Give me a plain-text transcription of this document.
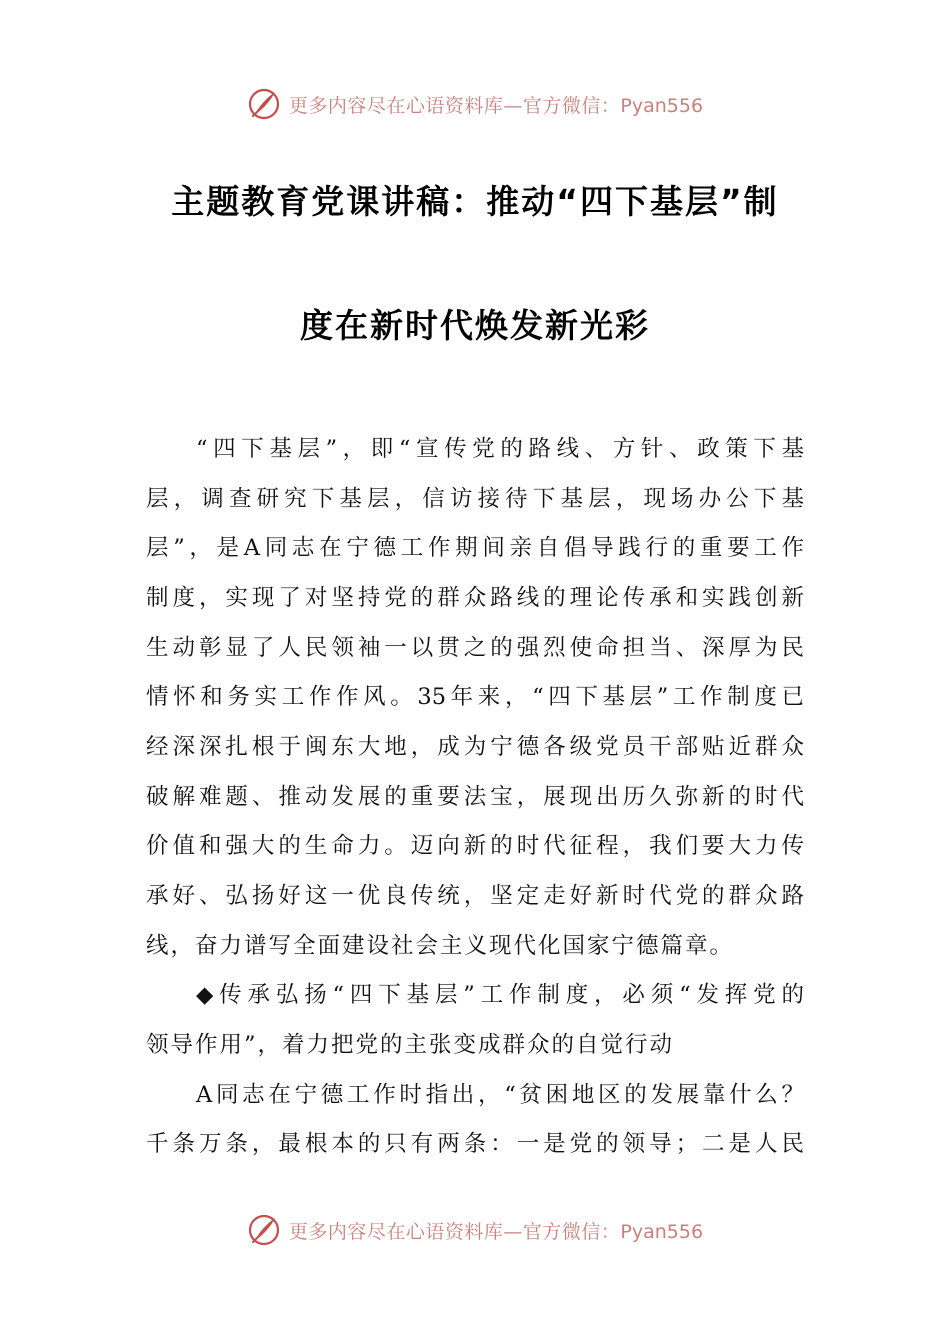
更多内容尽在心语资料库—官方微信：Pyan556
主题教育党课讲稿：推动“四下基层”制
度在新时代焕发新光彩
“四下基层”，即“宣传党的路线、方针、政策下基
层，调查研究下基层，信访接待下基层，现场办公下基
层”，是A同志在宁德工作期间亲自倡导践行的重要工作
制度，实现了对坚持党的群众路线的理论传承和实践创新
生动彰显了人民领袖一以贯之的强烈使命担当、深厚为民
情怀和务实工作作风。35年来，“四下基层”工作制度已
经深深扎根于闽东大地，成为宁德各级党员干部贴近群众
破解难题、推动发展的重要法宝，展现出历久弥新的时代
价值和强大的生命力。迈向新的时代征程，我们要大力传
承好、弘扬好这一优良传统，坚定走好新时代党的群众路
线，奋力谱写全面建设社会主义现代化国家宁德篇章。
◆传承弘扬“四下基层”工作制度，必须“发挥党的
领导作用”，着力把党的主张变成群众的自觉行动
A同志在宁德工作时指出，“贫困地区的发展靠什么？
千条万条，最根本的只有两条：一是党的领导；二是人民
更多内容尽在心语资料库—官方微信：Pyan556
